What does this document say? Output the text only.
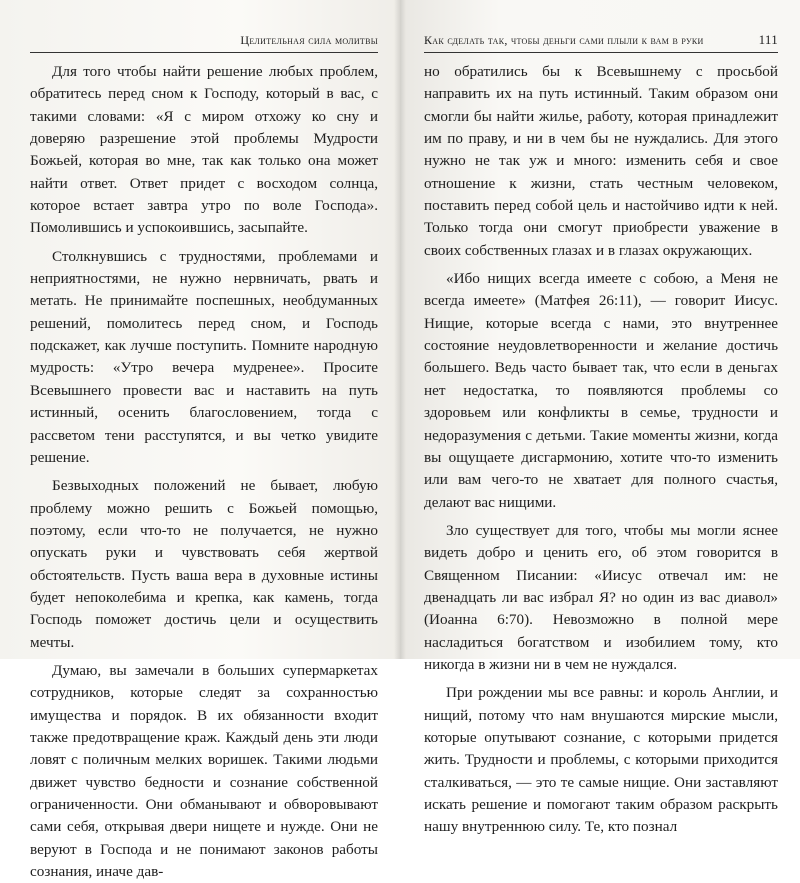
Целительная сила молитвы

Для того чтобы найти решение любых проблем, обратитесь перед сном к Господу, который в вас, с такими словами: «Я с миром отхожу ко сну и доверяю разрешение этой проблемы Мудрости Божьей, которая во мне, так как только она может найти ответ. Ответ придет с восходом солнца, которое встает завтра утро по воле Господа». Помолившись и успокоившись, засыпайте.

Столкнувшись с трудностями, проблемами и неприятностями, не нужно нервничать, рвать и метать. Не принимайте поспешных, необдуманных решений, помолитесь перед сном, и Господь подскажет, как лучше поступить. Помните народную мудрость: «Утро вечера мудренее». Просите Всевышнего провести вас и наставить на путь истинный, осенить благословением, тогда с рассветом тени расступятся, и вы четко увидите решение.

Безвыходных положений не бывает, любую проблему можно решить с Божьей помощью, поэтому, если что-то не получается, не нужно опускать руки и чувствовать себя жертвой обстоятельств. Пусть ваша вера в духовные истины будет непоколебима и крепка, как камень, тогда Господь поможет достичь цели и осуществить мечты.

Думаю, вы замечали в больших супермаркетах сотрудников, которые следят за сохранностью имущества и порядок. В их обязанности входит также предотвращение краж. Каждый день эти люди ловят с поличным мелких воришек. Такими людьми движет чувство бедности и сознание собственной ограниченности. Они обманывают и обворовывают сами себя, открывая двери нищете и нужде. Они не веруют в Господа и не понимают законов работы сознания, иначе дав-

Как сделать так, чтобы деньги сами плыли к вам в руки	111

но обратились бы к Всевышнему с просьбой направить их на путь истинный. Таким образом они смогли бы найти жилье, работу, которая принадлежит им по праву, и ни в чем бы не нуждались. Для этого нужно не так уж и много: изменить себя и свое отношение к жизни, стать честным человеком, поставить перед собой цель и настойчиво идти к ней. Только тогда они смогут приобрести уважение в своих собственных глазах и в глазах окружающих.

«Ибо нищих всегда имеете с собою, а Меня не всегда имеете» (Матфея 26:11), — говорит Иисус. Нищие, которые всегда с нами, это внутреннее состояние неудовлетворенности и желание достичь большего. Ведь часто бывает так, что если в деньгах нет недостатка, то появляются проблемы со здоровьем или конфликты в семье, трудности и недоразумения с детьми. Такие моменты жизни, когда вы ощущаете дисгармонию, хотите что-то изменить или вам чего-то не хватает для полного счастья, делают вас нищими.

Зло существует для того, чтобы мы могли яснее видеть добро и ценить его, об этом говорится в Священном Писании: «Иисус отвечал им: не двенадцать ли вас избрал Я? но один из вас диавол» (Иоанна 6:70). Невозможно в полной мере насладиться богатством и изобилием тому, кто никогда в жизни ни в чем не нуждался.

При рождении мы все равны: и король Англии, и нищий, потому что нам внушаются мирские мысли, которые опутывают сознание, с которыми придется жить. Трудности и проблемы, с которыми приходится сталкиваться, — это те самые нищие. Они заставляют искать решение и помогают таким образом раскрыть нашу внутреннюю силу. Те, кто познал
